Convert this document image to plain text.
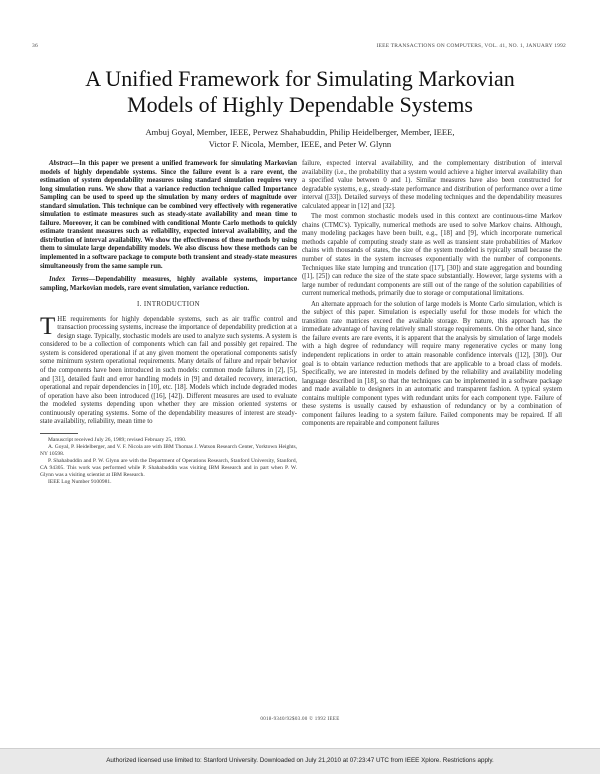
36	IEEE TRANSACTIONS ON COMPUTERS, VOL. 41, NO. 1, JANUARY 1992
A Unified Framework for Simulating Markovian
Models of Highly Dependable Systems
Ambuj Goyal, Member, IEEE, Perwez Shahabuddin, Philip Heidelberger, Member, IEEE,
Victor F. Nicola, Member, IEEE, and Peter W. Glynn

Abstract—In this paper we present a unified framework for simulating Markovian models of highly dependable systems. Since the failure event is a rare event, the estimation of system dependability measures using standard simulation requires very long simulation runs. We show that a variance reduction technique called Importance Sampling can be used to speed up the simulation by many orders of magnitude over standard simulation. This technique can be combined very effectively with regenerative simulation to estimate measures such as steady-state availability and mean time to failure. Moreover, it can be combined with conditional Monte Carlo methods to quickly estimate transient measures such as reliability, expected interval availability, and the distribution of interval availability. We show the effectiveness of these methods by using them to simulate large dependability models. We also discuss how these methods can be implemented in a software package to compute both transient and steady-state measures simultaneously from the same sample run.

Index Terms—Dependability measures, highly available systems, importance sampling, Markovian models, rare event simulation, variance reduction.

I. INTRODUCTION

THE requirements for highly dependable systems, such as air traffic control and transaction processing systems, increase the importance of dependability prediction at a design stage. Typically, stochastic models are used to analyze such systems. A system is considered to be a collection of components which can fail and possibly get repaired. The system is considered operational if at any given moment the operational components satisfy some minimum system operational requirements. Many details of failure and repair behavior of the components have been introduced in such models: common mode failures in [2], [5], and [31], detailed fault and error handling models in [9] and detailed recovery, interaction, operational and repair dependencies in [10], etc. [18]. Models which include degraded modes of operation have also been introduced ([16], [42]). Different measures are used to evaluate the modeled systems depending upon whether they are mission oriented systems or continuously operating systems. Some of the dependability measures of interest are steady-state availability, reliability, mean time to

Manuscript received July 26, 1989; revised February 25, 1990.

A. Goyal, P. Heidelberger, and V. F. Nicola are with IBM Thomas J. Watson Research Center, Yorktown Heights, NY 10598.

P. Shahabuddin and P. W. Glynn are with the Department of Operations Research, Stanford University, Stanford, CA 94305. This work was performed while P. Shahabuddin was visiting IBM Research and in part when P. W. Glynn was a visiting scientist at IBM Research.

IEEE Log Number 9100981.

failure, expected interval availability, and the complementary distribution of interval availability (i.e., the probability that a system would achieve a higher interval availability than a specified value between 0 and 1). Similar measures have also been constructed for degradable systems, e.g., steady-state performance and distribution of performance over a time interval ([33]). Detailed surveys of these modeling techniques and the dependability measures calculated appear in [12] and [32].

The most common stochastic models used in this context are continuous-time Markov chains (CTMC's). Typically, numerical methods are used to solve Markov chains. Although, many modeling packages have been built, e.g., [18] and [9], which incorporate numerical methods capable of computing steady state as well as transient state probabilities of Markov chains with thousands of states, the size of the system modeled is typically small because the number of states in the system increases exponentially with the number of components. Techniques like state lumping and truncation ([17], [30]) and state aggregation and bounding ([1], [25]) can reduce the size of the state space substantially. However, large systems with a large number of redundant components are still out of the range of the solution capabilities of current numerical methods, primarily due to storage or computational limitations.

An alternate approach for the solution of large models is Monte Carlo simulation, which is the subject of this paper. Simulation is especially useful for those models for which the transition rate matrices exceed the available storage. By nature, this approach has the immediate advantage of having relatively small storage requirements. On the other hand, since the failure events are rare events, it is apparent that the analysis by simulation of large models with a high degree of redundancy will require many regenerative cycles or many long independent replications in order to attain reasonable confidence intervals ([12], [30]). Our goal is to obtain variance reduction methods that are applicable to a broad class of models. Specifically, we are interested in models defined by the reliability and availability modeling language described in [18], so that the techniques can be implemented in a software package and made available to designers in an automatic and transparent fashion. A typical system contains multiple component types with redundant units for each component type. Failure of these systems is usually caused by exhaustion of redundancy or by a combination of component failures leading to a system failure. Failed components may be repaired. If all components are repairable and component failures

0018-9340/92$03.00 © 1992 IEEE
Authorized licensed use limited to: Stanford University. Downloaded on July 21,2010 at 07:23:47 UTC from IEEE Xplore. Restrictions apply.
